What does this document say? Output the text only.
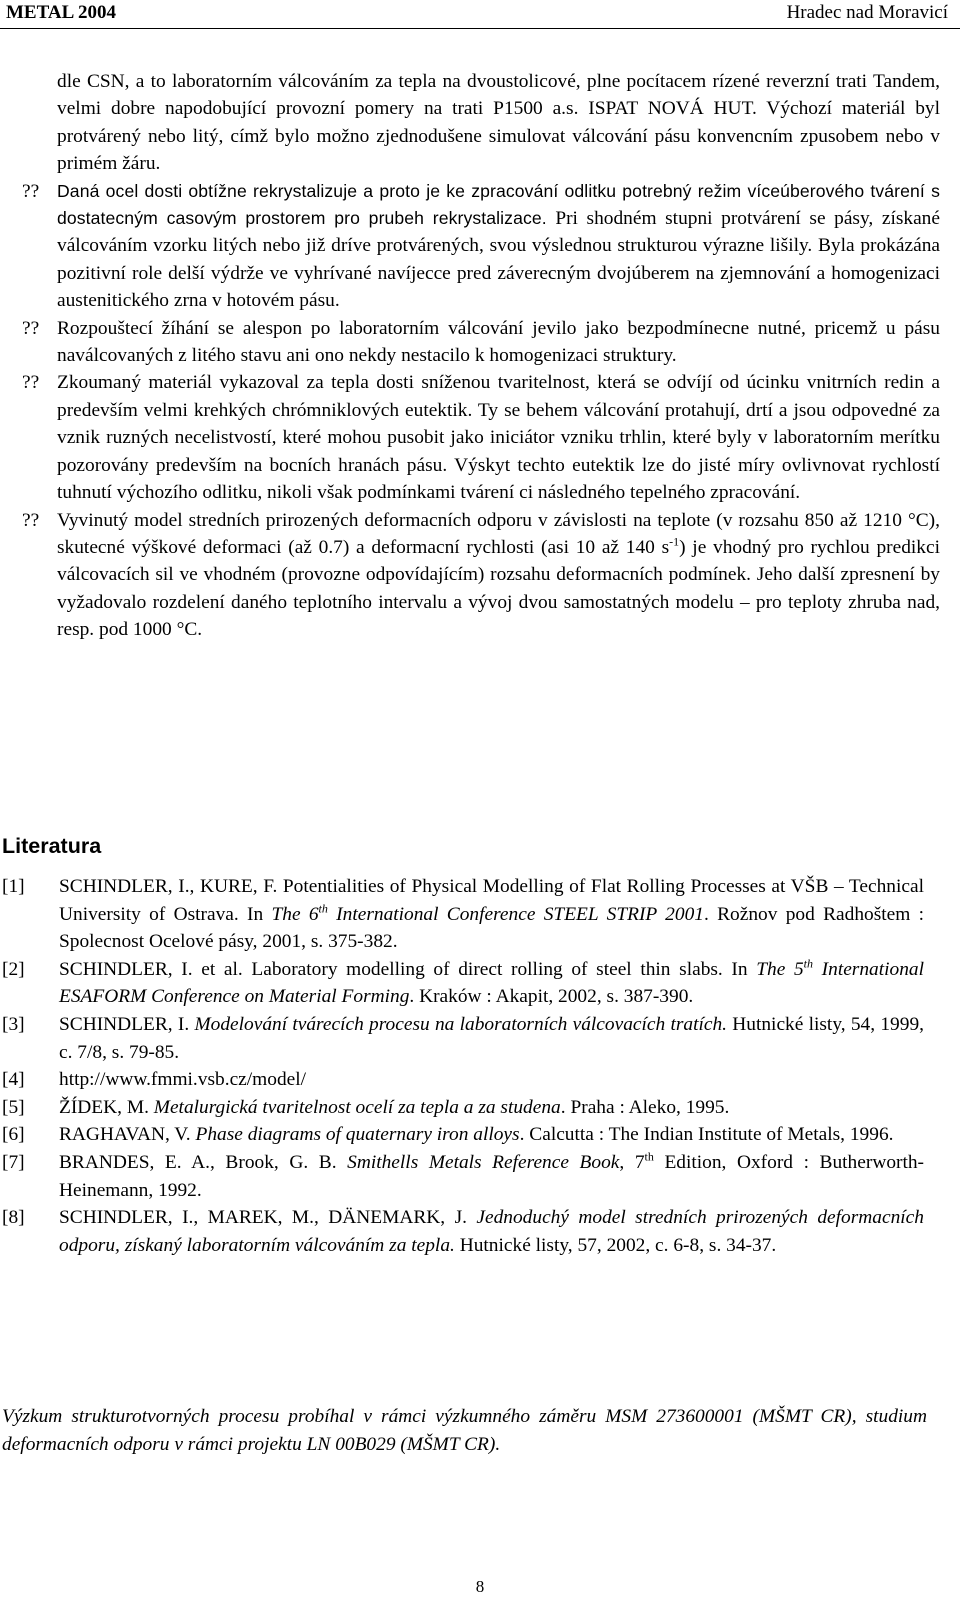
METAL 2004	Hradec nad Moravicí

dle CSN, a to laboratorním válcováním za tepla na dvoustolicové, plne pocítacem rízené reverzní trati Tandem, velmi dobre napodobující provozní pomery na trati P1500 a.s. ISPAT NOVÁ HUT. Výchozí materiál byl protvárený nebo litý, címž bylo možno zjednodušene simulovat válcování pásu konvencním zpusobem nebo v primém žáru.

??	Daná ocel dosti obtížne rekrystalizuje a proto je ke zpracování odlitku potrebný režim víceúberového tvárení s dostatecným casovým prostorem pro prubeh rekrystalizace. Pri shodném stupni protvárení se pásy, získané válcováním vzorku litých nebo již dríve protvárených, svou výslednou strukturou výrazne lišily. Byla prokázána pozitivní role delší výdrže ve vyhrívané navíjecce pred záverecným dvojúberem na zjemnování a homogenizaci austenitického zrna v hotovém pásu.

?? Rozpouštecí žíhání se alespon po laboratorním válcování jevilo jako bezpodmínecne nutné, pricemž u pásu naválcovaných z litého stavu ani ono nekdy nestacilo k homogenizaci struktury.

?? Zkoumaný materiál vykazoval za tepla dosti sníženou tvaritelnost, která se odvíjí od úcinku vnitrních redin a predevším velmi krehkých chrómniklových eutektik. Ty se behem válcování protahují, drtí a jsou odpovedné za vznik ruzných necelistvostí, které mohou pusobit jako iniciátor vzniku trhlin, které byly v laboratorním merítku pozorovány predevším na bocních hranách pásu. Výskyt techto eutektik lze do jisté míry ovlivnovat rychlostí tuhnutí výchozího odlitku, nikoli však podmínkami tvárení ci následného tepelného zpracování.

?? Vyvinutý model stredních prirozených deformacních odporu v závislosti na teplote (v rozsahu 850 až 1210 °C), skutecné výškové deformaci (až 0.7) a deformacní rychlosti (asi 10 až 140 $s^{-1}$) je vhodný pro rychlou predikci válcovacích sil ve vhodném (provozne odpovídajícím) rozsahu deformacních podmínek. Jeho další zpresnení by vyžadovalo rozdelení daného teplotního intervalu a vývoj dvou samostatných modelu – pro teploty zhruba nad, resp. pod 1000 °C.

Literatura

[1] SCHINDLER, I., KURE, F. Potentialities of Physical Modelling of Flat Rolling Processes at VŠB – Technical University of Ostrava. In The 6th International Conference STEEL STRIP 2001. Rožnov pod Radhoštem : Spolecnost Ocelové pásy, 2001, s. 375-382.

[2] SCHINDLER, I. et al. Laboratory modelling of direct rolling of steel thin slabs. In The 5th International ESAFORM Conference on Material Forming. Kraków : Akapit, 2002, s. 387-390.

[3] SCHINDLER, I. Modelování tvárecích procesu na laboratorních válcovacích tratích. Hutnické listy, 54, 1999, c. 7/8, s. 79-85.

[4] http://www.fmmi.vsb.cz/model/

[5] ŽÍDEK, M. Metalurgická tvaritelnost ocelí za tepla a za studena. Praha : Aleko, 1995.

[6] RAGHAVAN, V. Phase diagrams of quaternary iron alloys. Calcutta : The Indian Institute of Metals, 1996.

[7] BRANDES, E. A., Brook, G. B. Smithells Metals Reference Book, 7th Edition, Oxford : Butherworth-Heinemann, 1992.

[8] SCHINDLER, I., MAREK, M., DÄNEMARK, J. Jednoduchý model stredních prirozených deformacních odporu, získaný laboratorním válcováním za tepla. Hutnické listy, 57, 2002, c. 6-8, s. 34-37.

Výzkum strukturotvorných procesu probíhal v rámci výzkumného záměru MSM 273600001 (MŠMT CR), studium deformacních odporu v rámci projektu LN 00B029 (MŠMT CR).
8
